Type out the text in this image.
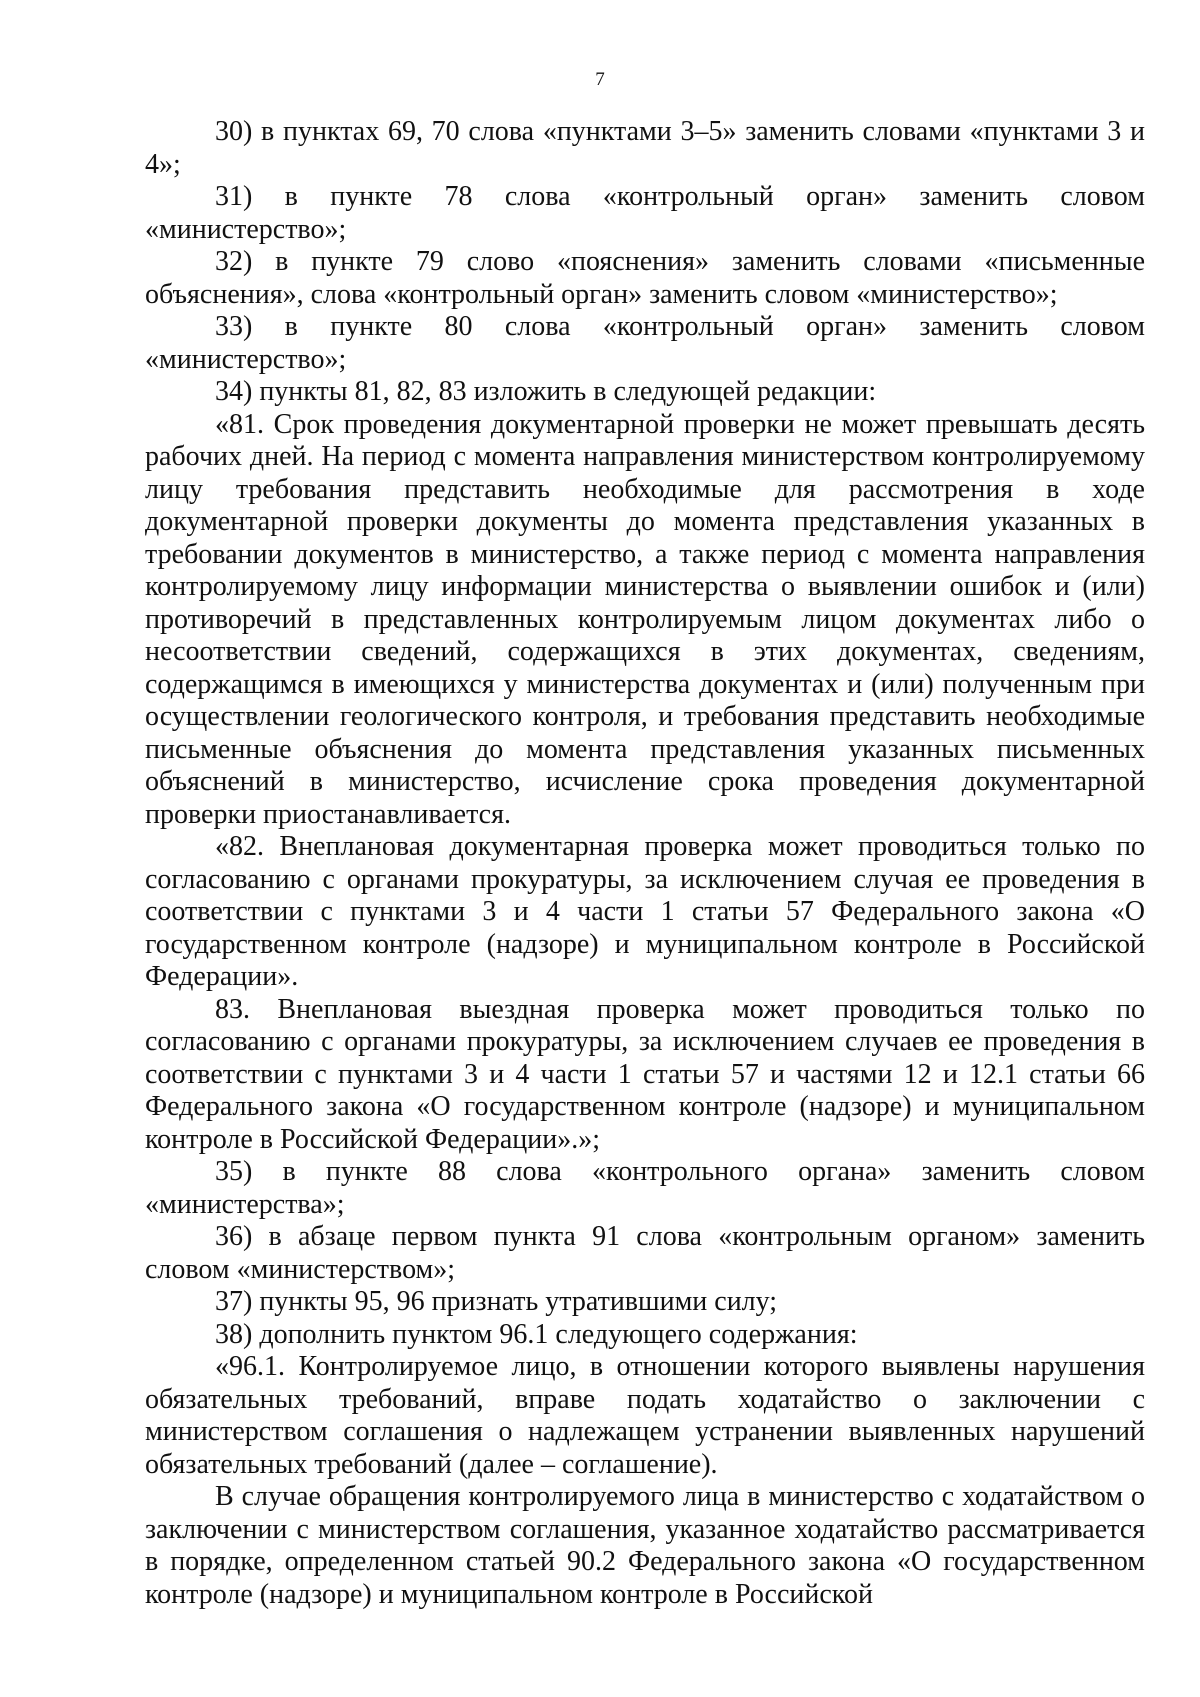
7

30) в пунктах 69, 70 слова «пунктами 3–5» заменить словами «пунктами 3 и 4»;

31) в пункте 78 слова «контрольный орган» заменить словом «министерство»;

32) в пункте 79 слово «пояснения» заменить словами «письменные объяснения», слова «контрольный орган» заменить словом «министерство»;

33) в пункте 80 слова «контрольный орган» заменить словом «министерство»;

34) пункты 81, 82, 83 изложить в следующей редакции:

«81. Срок проведения документарной проверки не может превышать десять рабочих дней. На период с момента направления министерством контролируемому лицу требования представить необходимые для рассмотрения в ходе документарной проверки документы до момента представления указанных в требовании документов в министерство, а также период с момента направления контролируемому лицу информации министерства о выявлении ошибок и (или) противоречий в представленных контролируемым лицом документах либо о несоответствии сведений, содержащихся в этих документах, сведениям, содержащимся в имеющихся у министерства документах и (или) полученным при осуществлении геологического контроля, и требования представить необходимые письменные объяснения до момента представления указанных письменных объяснений в министерство, исчисление срока проведения документарной проверки приостанавливается.

«82. Внеплановая документарная проверка может проводиться только по согласованию с органами прокуратуры, за исключением случая ее проведения в соответствии с пунктами 3 и 4 части 1 статьи 57 Федерального закона «О государственном контроле (надзоре) и муниципальном контроле в Российской Федерации».

83. Внеплановая выездная проверка может проводиться только по согласованию с органами прокуратуры, за исключением случаев ее проведения в соответствии с пунктами 3 и 4 части 1 статьи 57 и частями 12 и 12.1 статьи 66 Федерального закона «О государственном контроле (надзоре) и муниципальном контроле в Российской Федерации».»;

35) в пункте 88 слова «контрольного органа» заменить словом «министерства»;

36) в абзаце первом пункта 91 слова «контрольным органом» заменить словом «министерством»;

37) пункты 95, 96 признать утратившими силу;

38) дополнить пунктом 96.1 следующего содержания:

«96.1. Контролируемое лицо, в отношении которого выявлены нарушения обязательных требований, вправе подать ходатайство о заключении с министерством соглашения о надлежащем устранении выявленных нарушений обязательных требований (далее – соглашение).

В случае обращения контролируемого лица в министерство с ходатайством о заключении с министерством соглашения, указанное ходатайство рассматривается в порядке, определенном статьей 90.2 Федерального закона «О государственном контроле (надзоре) и муниципальном контроле в Российской
